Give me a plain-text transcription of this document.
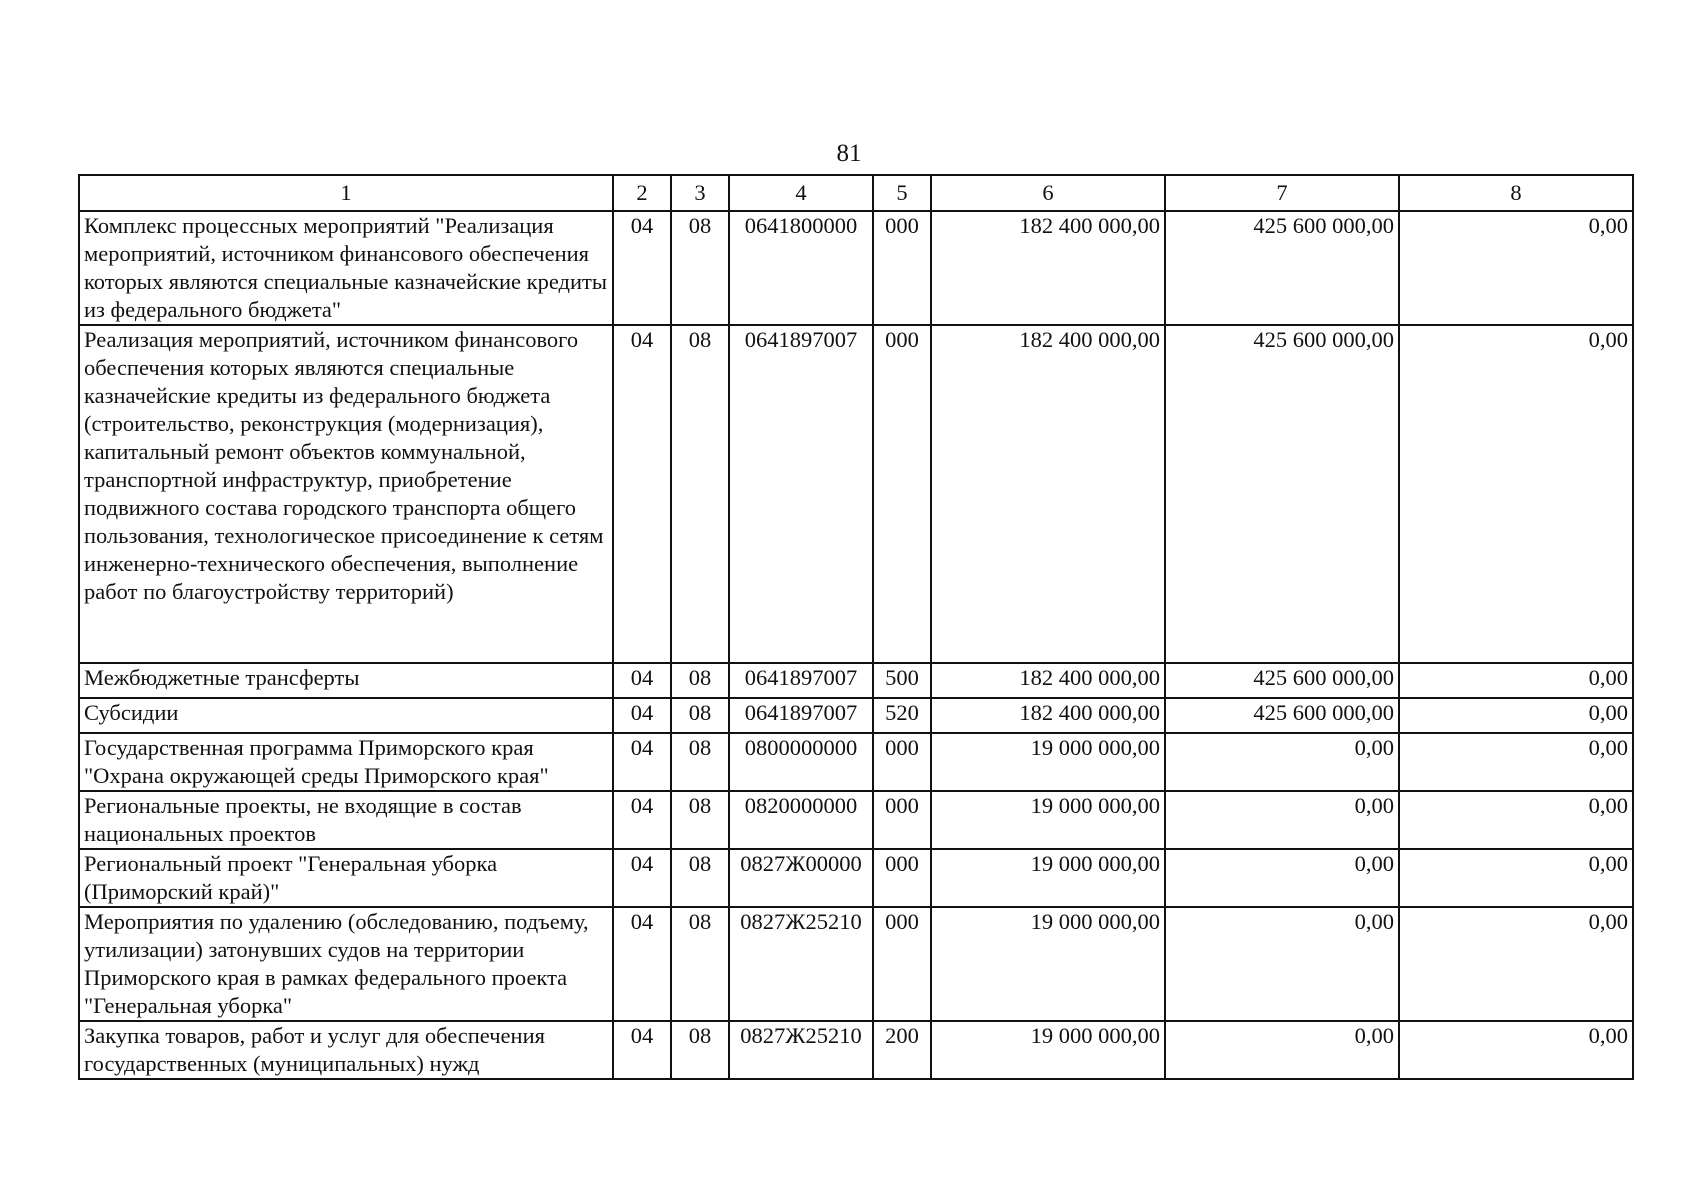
81
1	2	3	4	5	6	7	8
Комплекс процессных мероприятий "Реализация мероприятий, источником финансового обеспечения которых являются специальные казначейские кредиты из федерального бюджета"	04	08	0641800000	000	182 400 000,00	425 600 000,00	0,00
Реализация мероприятий, источником финансового обеспечения которых являются специальные казначейские кредиты из федерального бюджета (строительство, реконструкция (модернизация), капитальный ремонт объектов коммунальной, транспортной инфраструктур, приобретение подвижного состава городского транспорта общего пользования, технологическое присоединение к сетям инженерно-технического обеспечения, выполнение работ по благоустройству территорий)	04	08	0641897007	000	182 400 000,00	425 600 000,00	0,00
Межбюджетные трансферты	04	08	0641897007	500	182 400 000,00	425 600 000,00	0,00
Субсидии	04	08	0641897007	520	182 400 000,00	425 600 000,00	0,00
Государственная программа Приморского края "Охрана окружающей среды Приморского края"	04	08	0800000000	000	19 000 000,00	0,00	0,00
Региональные проекты, не входящие в состав национальных проектов	04	08	0820000000	000	19 000 000,00	0,00	0,00
Региональный проект "Генеральная уборка (Приморский край)"	04	08	0827Ж00000	000	19 000 000,00	0,00	0,00
Мероприятия по удалению (обследованию, подъему, утилизации) затонувших судов на территории Приморского края в рамках федерального проекта "Генеральная уборка"	04	08	0827Ж25210	000	19 000 000,00	0,00	0,00
Закупка товаров, работ и услуг для обеспечения государственных (муниципальных) нужд	04	08	0827Ж25210	200	19 000 000,00	0,00	0,00
